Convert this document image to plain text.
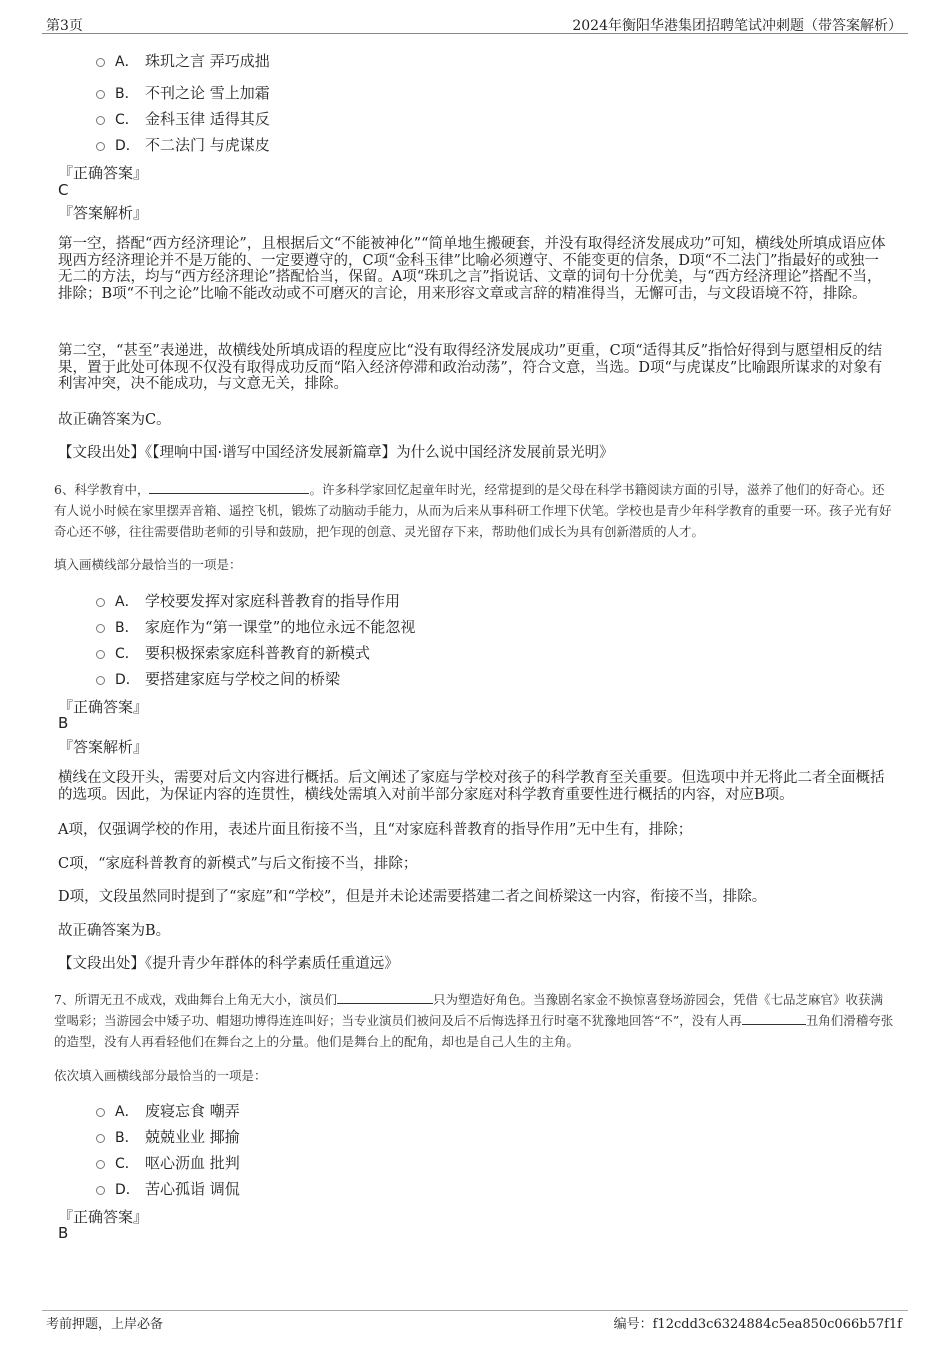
第3页	2024年衡阳华港集团招聘笔试冲刺题（带答案解析）
A． 珠玑之言 弄巧成拙
B． 不刊之论 雪上加霜
C． 金科玉律 适得其反
D． 不二法门 与虎谋皮
『正确答案』
C
『答案解析』
第一空，搭配“西方经济理论”，且根据后文“不能被神化”“简单地生搬硬套，并没有取得经济发展成功”可知，横线处所填成语应体现西方经济理论并不是万能的、一定要遵守的，C项“金科玉律”比喻必须遵守、不能变更的信条，D项“不二法门”指最好的或独一无二的方法，均与“西方经济理论”搭配恰当，保留。A项“珠玑之言”指说话、文章的词句十分优美，与“西方经济理论”搭配不当，排除；B项“不刊之论”比喻不能改动或不可磨灭的言论，用来形容文章或言辞的精准得当，无懈可击，与文段语境不符，排除。
第二空，“甚至”表递进，故横线处所填成语的程度应比“没有取得经济发展成功”更重，C项“适得其反”指恰好得到与愿望相反的结果，置于此处可体现不仅没有取得成功反而“陷入经济停滞和政治动荡”，符合文意，当选。D项“与虎谋皮”比喻跟所谋求的对象有利害冲突，决不能成功，与文意无关，排除。
故正确答案为C。
【文段出处】《【理响中国·谱写中国经济发展新篇章】为什么说中国经济发展前景光明》
6、科学教育中，	。许多科学家回忆起童年时光，经常提到的是父母在科学书籍阅读方面的引导，滋养了他们的好奇心。还有人说小时候在家里摆弄音箱、遥控飞机，锻炼了动脑动手能力，从而为后来从事科研工作埋下伏笔。学校也是青少年科学教育的重要一环。孩子光有好奇心还不够，往往需要借助老师的引导和鼓励，把乍现的创意、灵光留存下来，帮助他们成长为具有创新潜质的人才。
填入画横线部分最恰当的一项是：
A． 学校要发挥对家庭科普教育的指导作用
B． 家庭作为“第一课堂”的地位永远不能忽视
C． 要积极探索家庭科普教育的新模式
D． 要搭建家庭与学校之间的桥梁
『正确答案』
B
『答案解析』
横线在文段开头，需要对后文内容进行概括。后文阐述了家庭与学校对孩子的科学教育至关重要。但选项中并无将此二者全面概括的选项。因此，为保证内容的连贯性，横线处需填入对前半部分家庭对科学教育重要性进行概括的内容，对应B项。
A项，仅强调学校的作用，表述片面且衔接不当，且“对家庭科普教育的指导作用”无中生有，排除；
C项，“家庭科普教育的新模式”与后文衔接不当，排除；
D项，文段虽然同时提到了“家庭”和“学校”，但是并未论述需要搭建二者之间桥梁这一内容，衔接不当，排除。
故正确答案为B。
【文段出处】《提升青少年群体的科学素质任重道远》
7、所谓无丑不成戏，戏曲舞台上角无大小，演员们	只为塑造好角色。当豫剧名家金不换惊喜登场游园会，凭借《七品芝麻官》收获满堂喝彩；当游园会中矮子功、帽翅功博得连连叫好；当专业演员们被问及后不后悔选择丑行时毫不犹豫地回答“不”，没有人再	丑角们滑稽夸张的造型，没有人再看轻他们在舞台之上的分量。他们是舞台上的配角，却也是自己人生的主角。
依次填入画横线部分最恰当的一项是：
A． 废寝忘食 嘲弄
B． 兢兢业业 揶揄
C． 呕心沥血 批判
D． 苦心孤诣 调侃
『正确答案』
B
考前押题，上岸必备	编号：f12cdd3c6324884c5ea850c066b57f1f
